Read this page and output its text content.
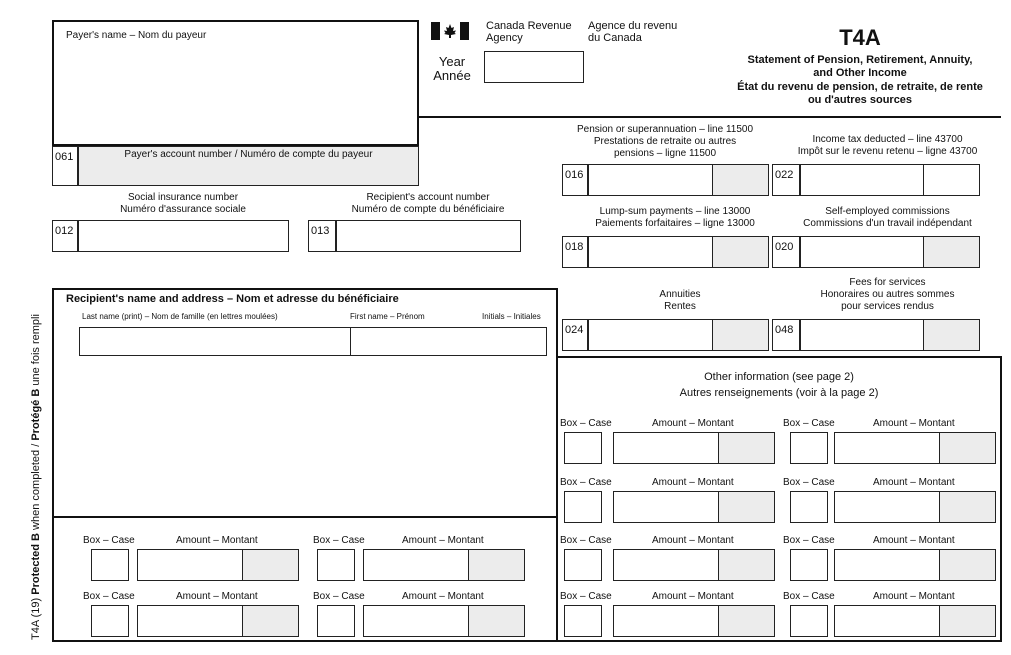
Payer's name – Nom du payeur
Canada Revenue
Agency
Agence du revenu
du Canada
Year
Année
T4A
Statement of Pension, Retirement, Annuity,
and Other Income
État du revenu de pension, de retraite, de rente
ou d'autres sources
061	Payer's account number / Numéro de compte du payeur
Social insurance number
Numéro d'assurance sociale
012
Recipient's account number
Numéro de compte du bénéficiaire
013
Pension or superannuation – line 11500
Prestations de retraite ou autres
pensions – ligne 11500
016
Income tax deducted – line 43700
Impôt sur le revenu retenu – ligne 43700
022
Lump-sum payments – line 13000
Paiements forfaitaires – ligne 13000
018
Self-employed commissions
Commissions d'un travail indépendant
020
Annuities
Rentes
024
Fees for services
Honoraires ou autres sommes
pour services rendus
048
Recipient's name and address – Nom et adresse du bénéficiaire
Last name (print) – Nom de famille (en lettres moulées)	First name – Prénom	Initials – Initiales
Other information (see page 2)
Autres renseignements (voir à la page 2)
Box – Case	Amount – Montant	Box – Case	Amount – Montant
Box – Case	Amount – Montant	Box – Case	Amount – Montant
Box – Case	Amount – Montant	Box – Case	Amount – Montant	Box – Case	Amount – Montant	Box – Case	Amount – Montant
Box – Case	Amount – Montant	Box – Case	Amount – Montant	Box – Case	Amount – Montant	Box – Case	Amount – Montant
T4A (19) Protected B when completed / Protégé B une fois rempli
